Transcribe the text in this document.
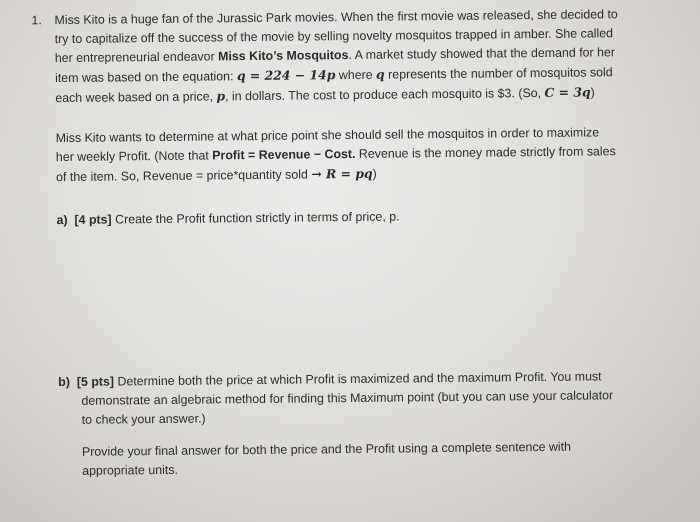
1. Miss Kito is a huge fan of the Jurassic Park movies. When the first movie was released, she decided to
try to capitalize off the success of the movie by selling novelty mosquitos trapped in amber. She called
her entrepreneurial endeavor Miss Kito’s Mosquitos. A market study showed that the demand for her
item was based on the equation: q = 224 − 14p where q represents the number of mosquitos sold
each week based on a price, p, in dollars. The cost to produce each mosquito is $3. (So, C = 3q)
Miss Kito wants to determine at what price point she should sell the mosquitos in order to maximize
her weekly Profit. (Note that Profit = Revenue − Cost. Revenue is the money made strictly from sales
of the item. So, Revenue = price*quantity sold → R = pq)
a) [4 pts] Create the Profit function strictly in terms of price, p.
b) [5 pts] Determine both the price at which Profit is maximized and the maximum Profit. You must
demonstrate an algebraic method for finding this Maximum point (but you can use your calculator
to check your answer.)
Provide your final answer for both the price and the Profit using a complete sentence with
appropriate units.
